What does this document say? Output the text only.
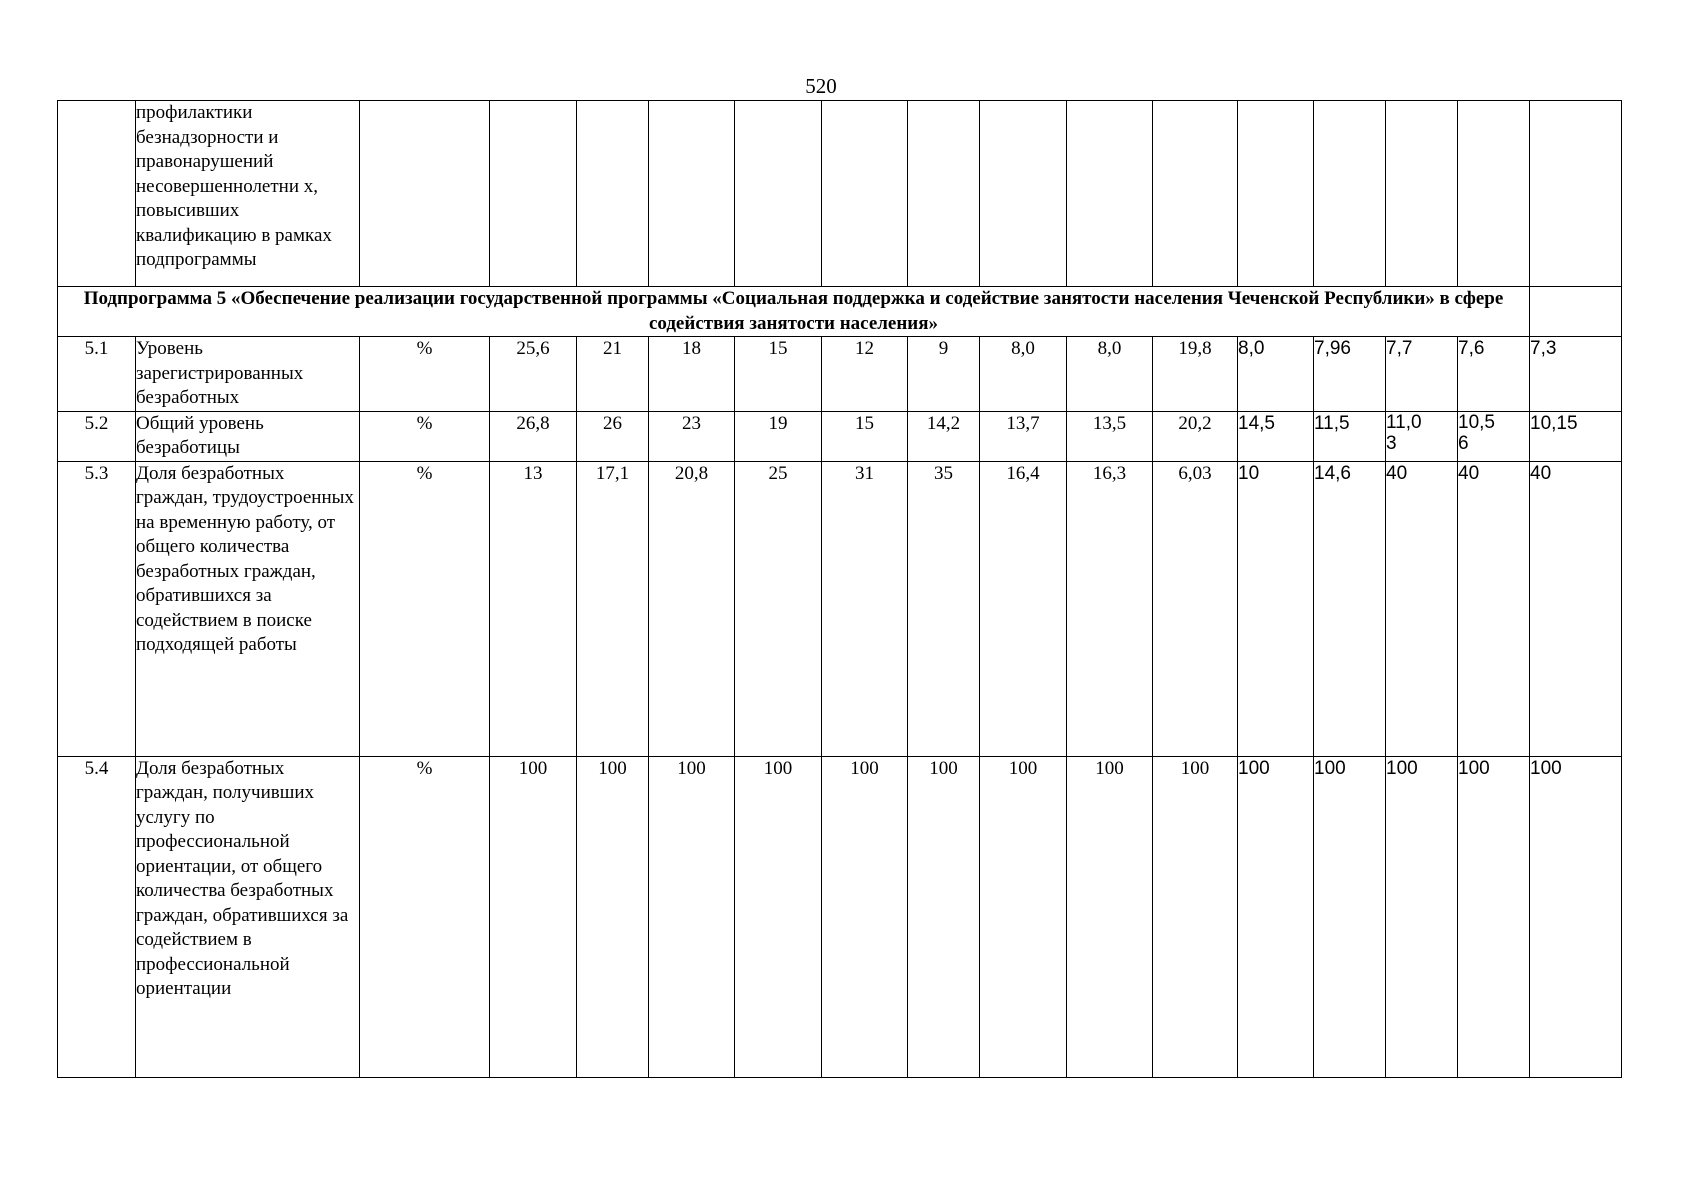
520
	профилактики безнадзорности и правонарушений несовершеннолетни х, повысивших квалификацию в рамках подпрограммы															
Подпрограмма 5 «Обеспечение реализации государственной программы «Социальная поддержка и содействие занятости населения Чеченской Республики» в сфере содействия занятости населения»																
5.1	Уровень зарегистрированных безработных	%	25,6	21	18	15	12	9	8,0	8,0	19,8	8,0	7,96	7,7	7,6	7,3
5.2	Общий уровень безработицы	%	26,8	26	23	19	15	14,2	13,7	13,5	20,2	14,5	11,5	11,0 3	10,5 6	10,15
5.3	Доля безработных граждан, трудоустроенных на временную работу, от общего количества безработных граждан, обратившихся за содействием в поиске подходящей работы	%	13	17,1	20,8	25	31	35	16,4	16,3	6,03	10	14,6	40	40	40
5.4	Доля безработных граждан, получивших услугу по профессиональной ориентации, от общего количества безработных граждан, обратившихся за содействием в профессиональной ориентации	%	100	100	100	100	100	100	100	100	100	100	100	100	100	100
